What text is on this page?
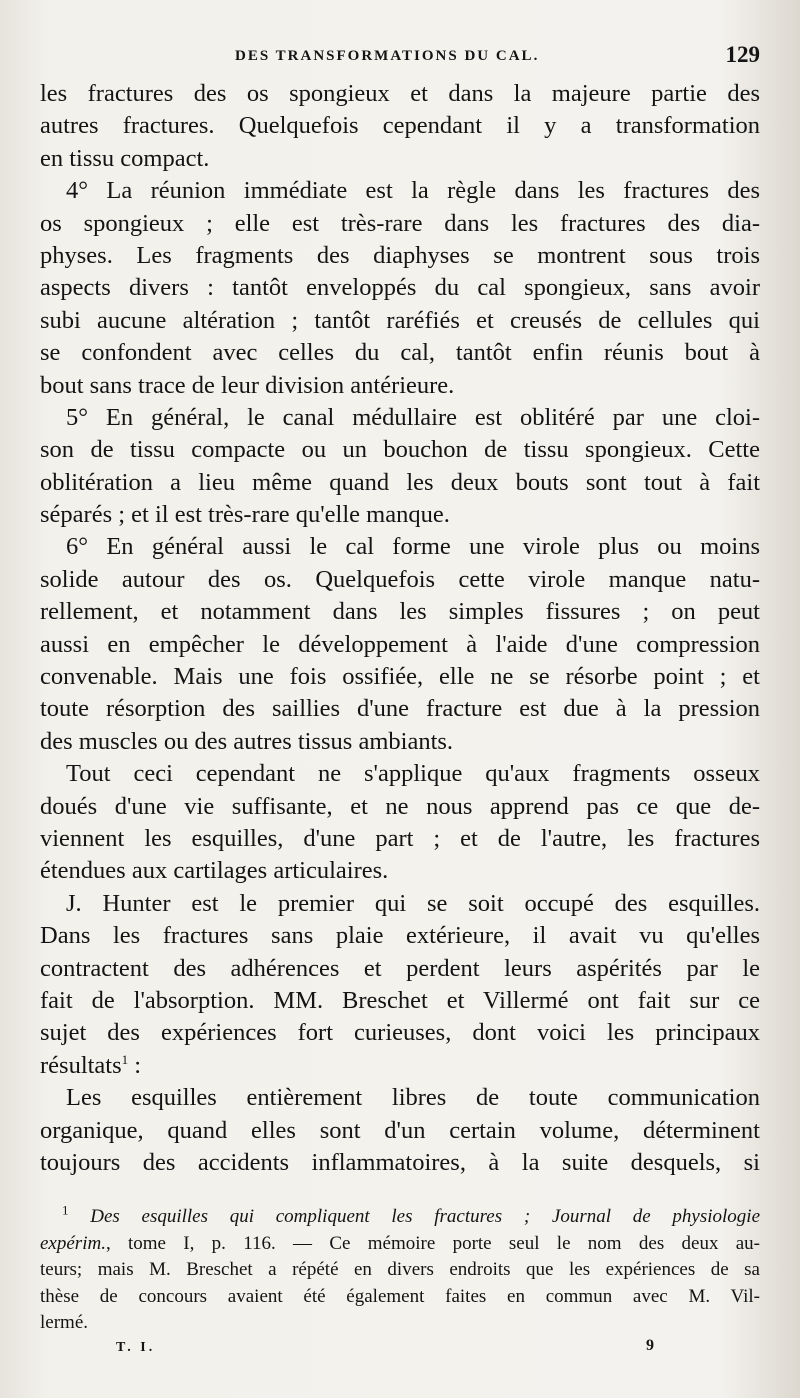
DES TRANSFORMATIONS DU CAL.	129
les fractures des os spongieux et dans la majeure partie des
autres fractures. Quelquefois cependant il y a transformation
en tissu compact.
4° La réunion immédiate est la règle dans les fractures des
os spongieux ; elle est très-rare dans les fractures des dia-
physes. Les fragments des diaphyses se montrent sous trois
aspects divers : tantôt enveloppés du cal spongieux, sans avoir
subi aucune altération ; tantôt raréfiés et creusés de cellules qui
se confondent avec celles du cal, tantôt enfin réunis bout à
bout sans trace de leur division antérieure.
5° En général, le canal médullaire est oblitéré par une cloi-
son de tissu compacte ou un bouchon de tissu spongieux. Cette
oblitération a lieu même quand les deux bouts sont tout à fait
séparés ; et il est très-rare qu'elle manque.
6° En général aussi le cal forme une virole plus ou moins
solide autour des os. Quelquefois cette virole manque natu-
rellement, et notamment dans les simples fissures ; on peut
aussi en empêcher le développement à l'aide d'une compression
convenable. Mais une fois ossifiée, elle ne se résorbe point ; et
toute résorption des saillies d'une fracture est due à la pression
des muscles ou des autres tissus ambiants.
Tout ceci cependant ne s'applique qu'aux fragments osseux
doués d'une vie suffisante, et ne nous apprend pas ce que de-
viennent les esquilles, d'une part ; et de l'autre, les fractures
étendues aux cartilages articulaires.
J. Hunter est le premier qui se soit occupé des esquilles.
Dans les fractures sans plaie extérieure, il avait vu qu'elles
contractent des adhérences et perdent leurs aspérités par le
fait de l'absorption. MM. Breschet et Villermé ont fait sur ce
sujet des expériences fort curieuses, dont voici les principaux
résultats$^1$ :
Les esquilles entièrement libres de toute communication
organique, quand elles sont d'un certain volume, déterminent
toujours des accidents inflammatoires, à la suite desquels, si
$^1$ Des esquilles qui compliquent les fractures ; Journal de physiologie
expérim., tome I, p. 116. — Ce mémoire porte seul le nom des deux au-
teurs; mais M. Breschet a répété en divers endroits que les expériences de sa
thèse de concours avaient été également faites en commun avec M. Vil-
lermé.
T. I.	9
